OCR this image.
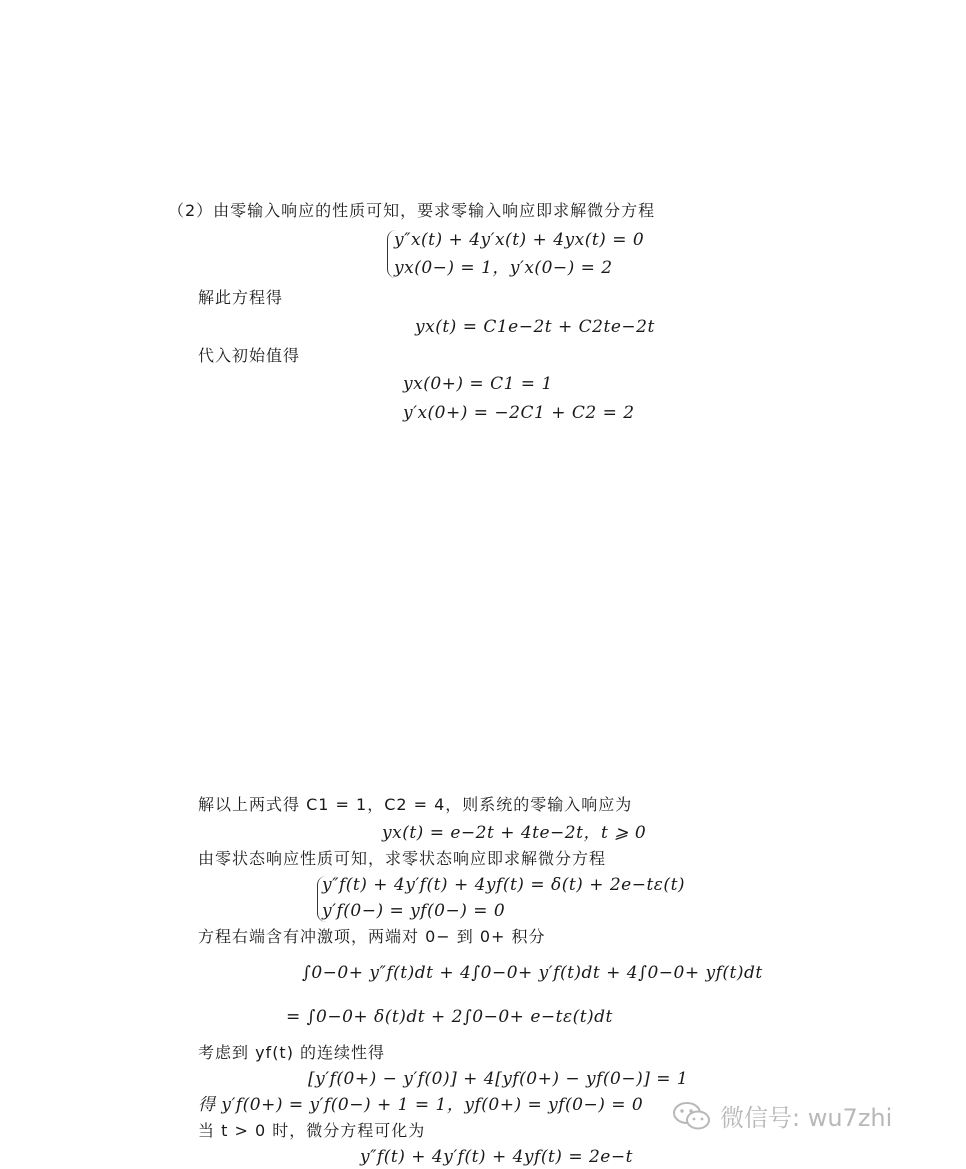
（2）由零输入响应的性质可知，要求零输入响应即求解微分方程
y″x(t) + 4y′x(t) + 4yx(t) = 0
yx(0−) = 1，y′x(0−) = 2
解此方程得
yx(t) = C1e−2t + C2te−2t
代入初始值得
yx(0+) = C1 = 1
y′x(0+) = −2C1 + C2 = 2
解以上两式得 C1 = 1，C2 = 4，则系统的零输入响应为
yx(t) = e−2t + 4te−2t，t ⩾ 0
由零状态响应性质可知，求零状态响应即求解微分方程
y″f(t) + 4y′f(t) + 4yf(t) = δ(t) + 2e−tε(t)
y′f(0−) = yf(0−) = 0
方程右端含有冲激项，两端对 0− 到 0+ 积分
∫0−0+ y″f(t)dt + 4∫0−0+ y′f(t)dt + 4∫0−0+ yf(t)dt
= ∫0−0+ δ(t)dt + 2∫0−0+ e−tε(t)dt
考虑到 yf(t) 的连续性得
[y′f(0+) − y′f(0)] + 4[yf(0+) − yf(0−)] = 1
得 y′f(0+) = y′f(0−) + 1 = 1，yf(0+) = yf(0−) = 0
当 t > 0 时，微分方程可化为
y″f(t) + 4y′f(t) + 4yf(t) = 2e−t
微信号: wu7zhi
